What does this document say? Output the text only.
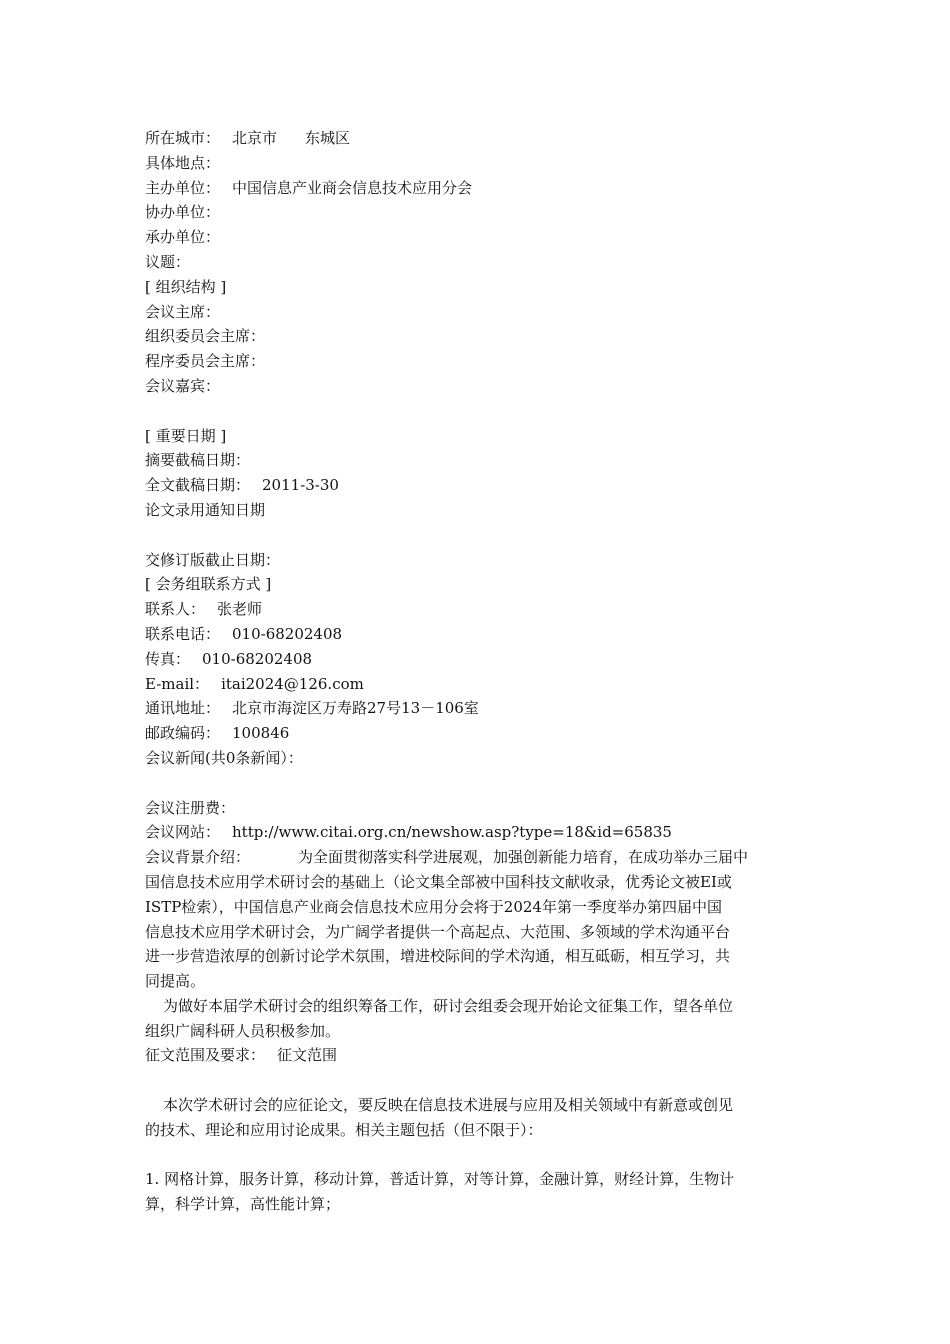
所在城市： 北京市 东城区
具体地点：
主办单位： 中国信息产业商会信息技术应用分会
协办单位：
承办单位：
议题：
[ 组织结构 ]
会议主席：
组织委员会主席：
程序委员会主席：
会议嘉宾：
[ 重要日期 ]
摘要截稿日期：
全文截稿日期： 2011-3-30
论文录用通知日期
交修订版截止日期：
[ 会务组联系方式 ]
联系人： 张老师
联系电话： 010-68202408
传真： 010-68202408
E-mail： itai2024@126.com
通讯地址： 北京市海淀区万寿路27号13－106室
邮政编码： 100846
会议新闻(共0条新闻）：
会议注册费：
会议网站： http://www.citai.org.cn/newshow.asp?type=18&id=65835
会议背景介绍：	为全面贯彻落实科学进展观，加强创新能力培育，在成功举办三届中
国信息技术应用学术研讨会的基础上（论文集全部被中国科技文献收录，优秀论文被EI或
ISTP检索），中国信息产业商会信息技术应用分会将于2024年第一季度举办第四届中国
信息技术应用学术研讨会，为广阔学者提供一个高起点、大范围、多领域的学术沟通平台
进一步营造浓厚的创新讨论学术氛围，增进校际间的学术沟通，相互砥砺，相互学习，共
同提高。
为做好本届学术研讨会的组织筹备工作，研讨会组委会现开始论文征集工作，望各单位
组织广阔科研人员积极参加。
征文范围及要求： 征文范围
本次学术研讨会的应征论文，要反映在信息技术进展与应用及相关领域中有新意或创见
的技术、理论和应用讨论成果。相关主题包括（但不限于）：
1. 网格计算，服务计算，移动计算，普适计算，对等计算，金融计算，财经计算，生物计
算，科学计算，高性能计算；
